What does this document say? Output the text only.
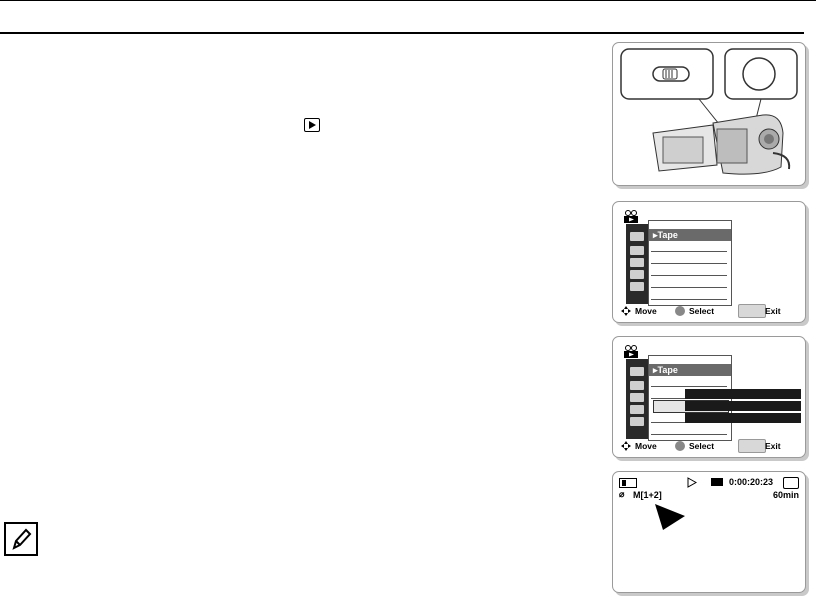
▸Tape
Move	Select	Exit
▸Tape
Move	Select	Exit
0:00:20:23
⌀ M[1+2]	60min
